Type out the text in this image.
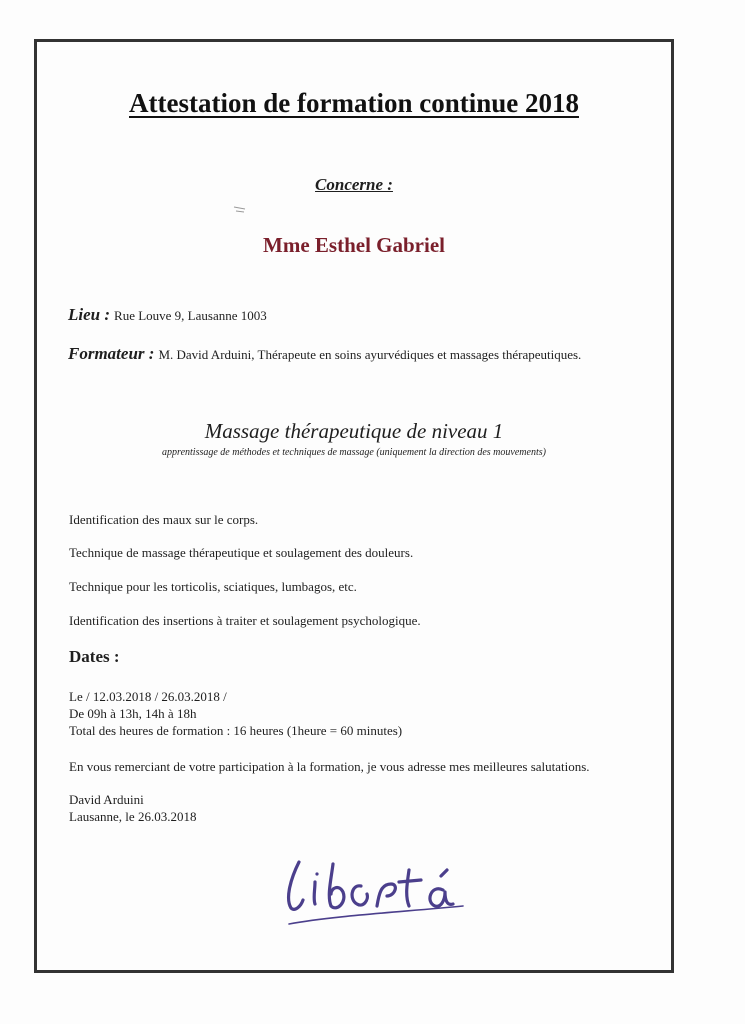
Attestation de formation continue 2018
Concerne :
Mme Esthel Gabriel
Lieu : Rue Louve 9, Lausanne 1003
Formateur : M. David Arduini, Thérapeute en soins ayurvédiques et massages thérapeutiques.
Massage thérapeutique de niveau 1
apprentissage de méthodes et techniques de massage (uniquement la direction des mouvements)
Identification des maux sur le corps.
Technique de massage thérapeutique et soulagement des douleurs.
Technique pour les torticolis, sciatiques, lumbagos, etc.
Identification des insertions à traiter et soulagement psychologique.
Dates :
Le / 12.03.2018 / 26.03.2018 /
De 09h à 13h, 14h à 18h
Total des heures de formation : 16 heures (1heure = 60 minutes)
En vous remerciant de votre participation à la formation, je vous adresse mes meilleures salutations.
David Arduini
Lausanne, le 26.03.2018
